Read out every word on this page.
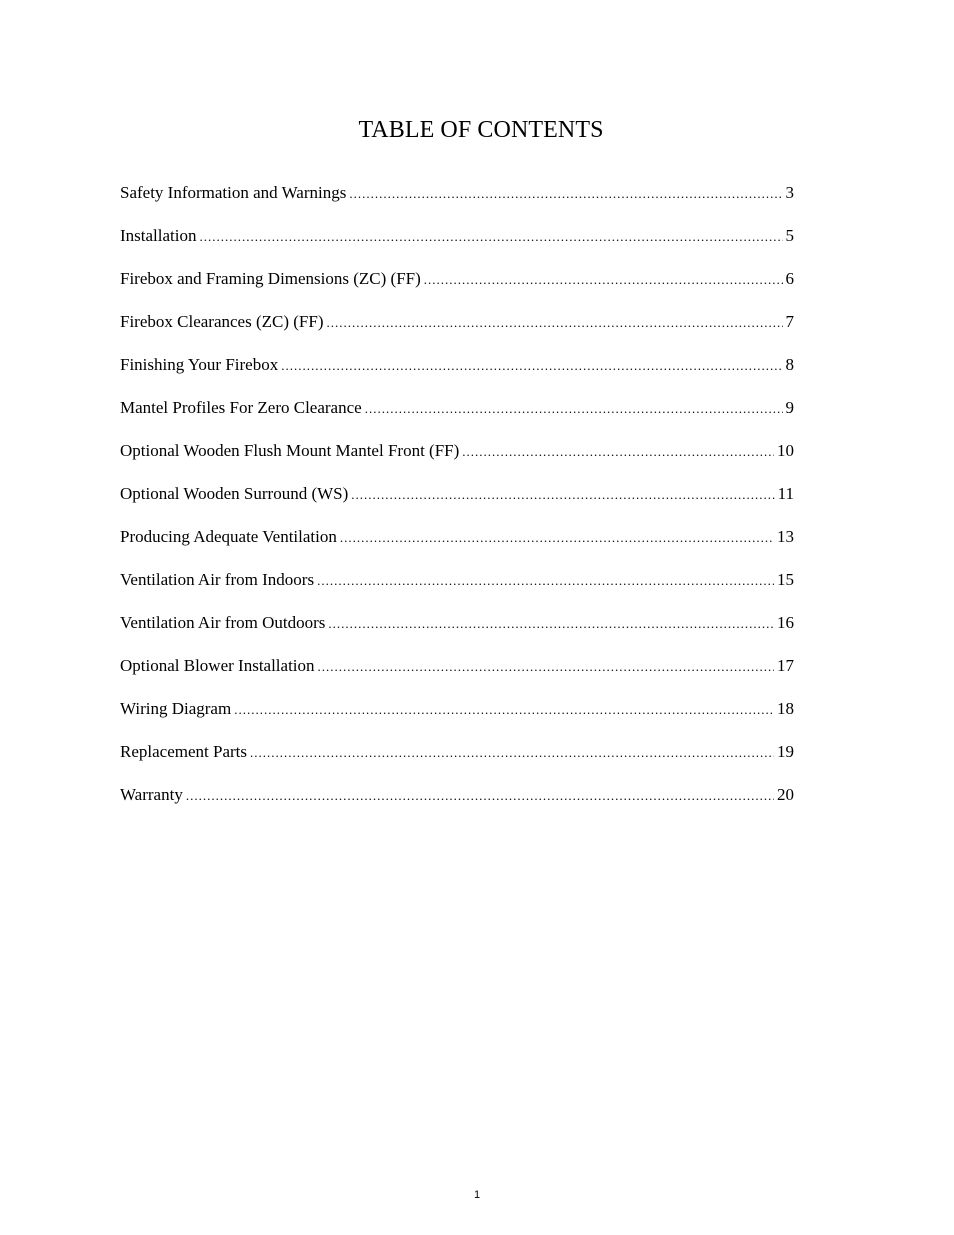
TABLE OF CONTENTS
Safety Information and Warnings .....	3
Installation .....	5
Firebox and Framing Dimensions (ZC) (FF) .....	6
Firebox Clearances (ZC) (FF) .....	7
Finishing Your Firebox .....	8
Mantel Profiles For Zero Clearance .....	9
Optional Wooden Flush Mount Mantel Front (FF) .....	10
Optional Wooden Surround (WS) .....	11
Producing Adequate Ventilation .....	13
Ventilation Air from Indoors .....	15
Ventilation Air from Outdoors .....	16
Optional Blower Installation .....	17
Wiring Diagram .....	18
Replacement Parts .....	19
Warranty .....	20
1
